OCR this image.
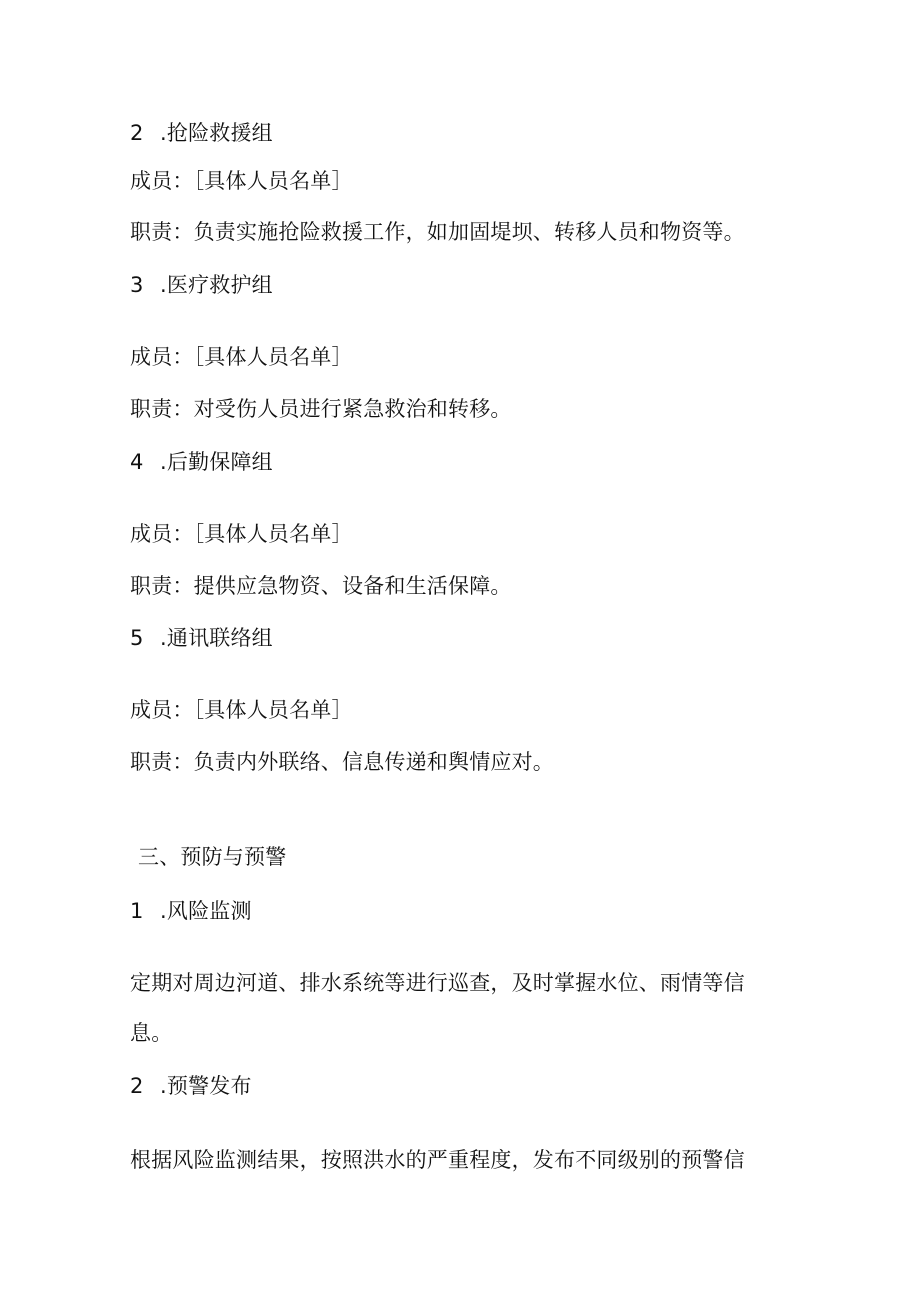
2 .抢险救援组
成员：［具体人员名单］
职责：负责实施抢险救援工作，如加固堤坝、转移人员和物资等。
3 .医疗救护组
成员：［具体人员名单］
职责：对受伤人员进行紧急救治和转移。
4 .后勤保障组
成员：［具体人员名单］
职责：提供应急物资、设备和生活保障。
5 .通讯联络组
成员：［具体人员名单］
职责：负责内外联络、信息传递和舆情应对。
三、预防与预警
1 .风险监测
定期对周边河道、排水系统等进行巡查，及时掌握水位、雨情等信
息。
2 .预警发布
根据风险监测结果，按照洪水的严重程度，发布不同级别的预警信
